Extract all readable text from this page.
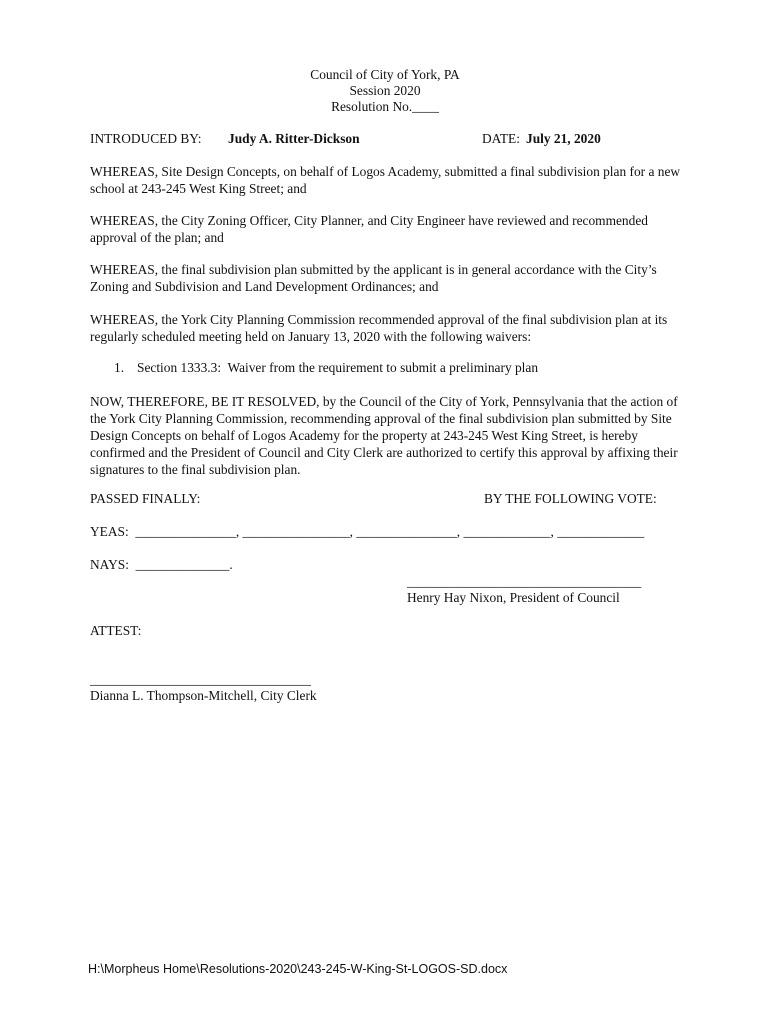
Council of City of York, PA
Session 2020
Resolution No.____
INTRODUCED BY: Judy A. Ritter-Dickson	DATE: July 21, 2020
WHEREAS, Site Design Concepts, on behalf of Logos Academy, submitted a final subdivision plan for a new school at 243-245 West King Street; and
WHEREAS, the City Zoning Officer, City Planner, and City Engineer have reviewed and recommended approval of the plan; and
WHEREAS, the final subdivision plan submitted by the applicant is in general accordance with the City’s Zoning and Subdivision and Land Development Ordinances; and
WHEREAS, the York City Planning Commission recommended approval of the final subdivision plan at its regularly scheduled meeting held on January 13, 2020 with the following waivers:
1. Section 1333.3:  Waiver from the requirement to submit a preliminary plan
NOW, THEREFORE, BE IT RESOLVED, by the Council of the City of York, Pennsylvania that the action of the York City Planning Commission, recommending approval of the final subdivision plan submitted by Site Design Concepts on behalf of Logos Academy for the property at 243-245 West King Street, is hereby confirmed and the President of Council and City Clerk are authorized to certify this approval by affixing their signatures to the final subdivision plan.
PASSED FINALLY:	BY THE FOLLOWING VOTE:
YEAS:  _______________, ________________, _______________, _____________, _____________
NAYS:  ______________.
___________________________________
Henry Hay Nixon, President of Council
ATTEST:
_________________________________
Dianna L. Thompson-Mitchell, City Clerk
H:\Morpheus Home\Resolutions-2020\243-245-W-King-St-LOGOS-SD.docx
